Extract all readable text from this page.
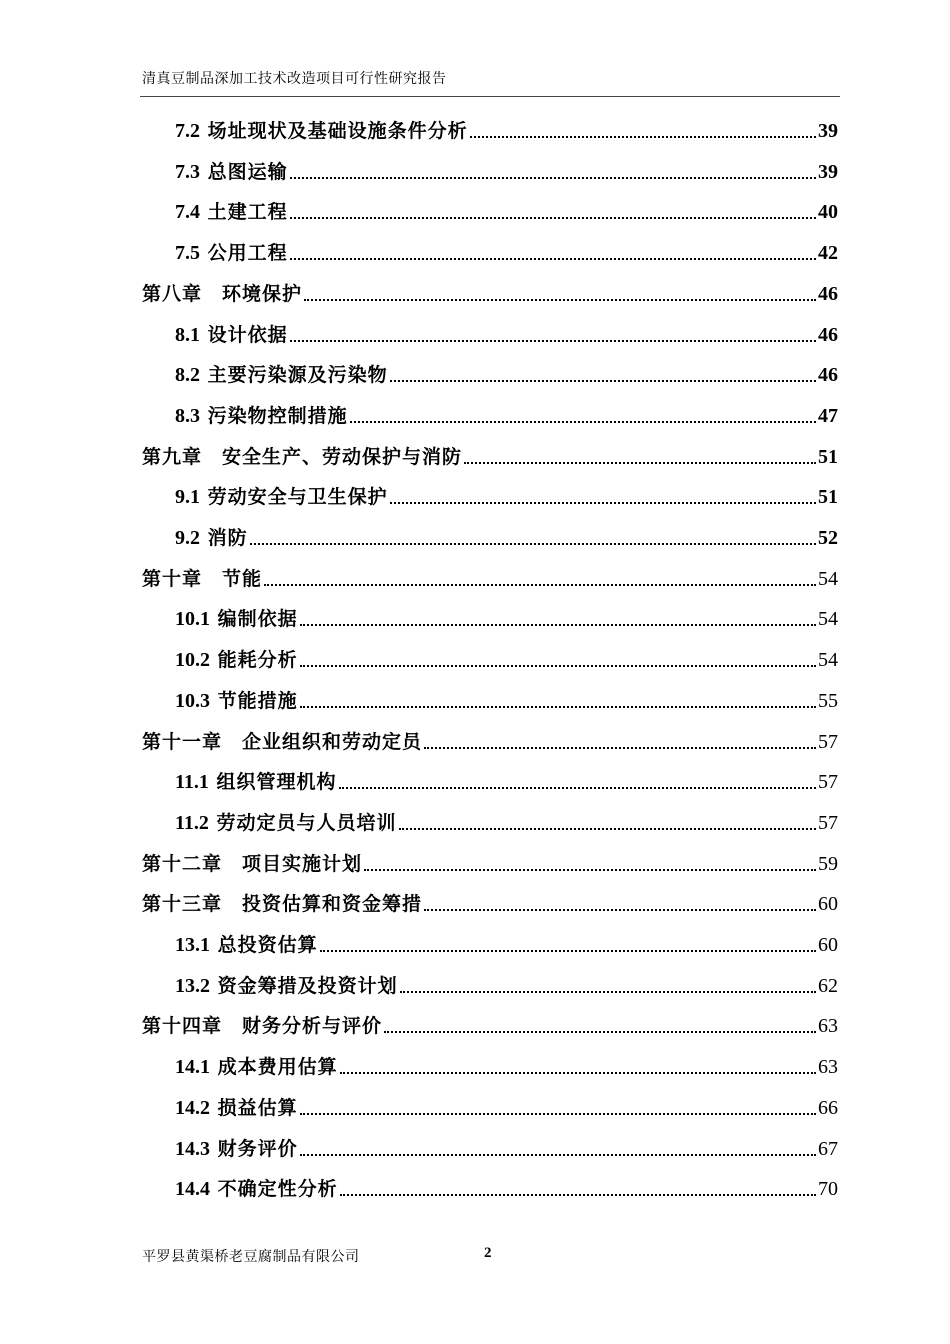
清真豆制品深加工技术改造项目可行性研究报告
7.2 场址现状及基础设施条件分析	39
7.3 总图运输	39
7.4 土建工程	40
7.5 公用工程	42
第八章　环境保护	46
8.1 设计依据	46
8.2 主要污染源及污染物	46
8.3 污染物控制措施	47
第九章　安全生产、劳动保护与消防	51
9.1 劳动安全与卫生保护	51
9.2 消防	52
第十章　节能	54
10.1 编制依据	54
10.2 能耗分析	54
10.3 节能措施	55
第十一章　企业组织和劳动定员	57
11.1 组织管理机构	57
11.2 劳动定员与人员培训	57
第十二章　项目实施计划	59
第十三章　投资估算和资金筹措	60
13.1 总投资估算	60
13.2 资金筹措及投资计划	62
第十四章　财务分析与评价	63
14.1 成本费用估算	63
14.2 损益估算	66
14.3 财务评价	67
14.4 不确定性分析	70
平罗县黄渠桥老豆腐制品有限公司	2
